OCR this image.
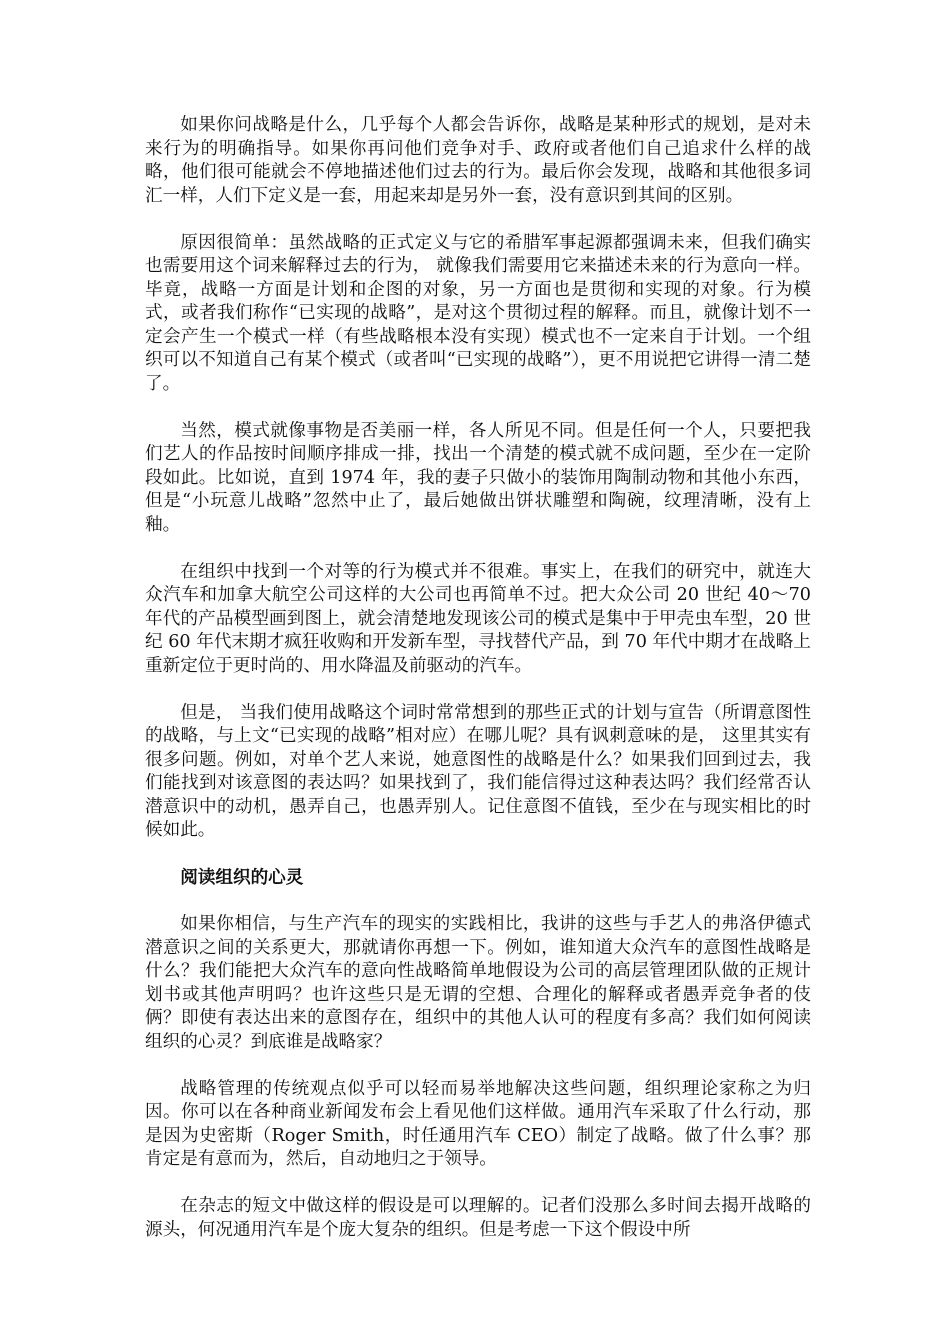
如果你问战略是什么，几乎每个人都会告诉你，战略是某种形式的规划，是对未来行为的明确指导。如果你再问他们竞争对手、政府或者他们自己追求什么样的战略，他们很可能就会不停地描述他们过去的行为。最后你会发现，战略和其他很多词汇一样，人们下定义是一套，用起来却是另外一套，没有意识到其间的区别。

原因很简单：虽然战略的正式定义与它的希腊军事起源都强调未来，但我们确实也需要用这个词来解释过去的行为， 就像我们需要用它来描述未来的行为意向一样。毕竟，战略一方面是计划和企图的对象，另一方面也是贯彻和实现的对象。行为模式，或者我们称作“已实现的战略”，是对这个贯彻过程的解释。而且，就像计划不一定会产生一个模式一样（有些战略根本没有实现）模式也不一定来自于计划。一个组织可以不知道自己有某个模式（或者叫“已实现的战略”），更不用说把它讲得一清二楚了。

当然，模式就像事物是否美丽一样，各人所见不同。但是任何一个人，只要把我们艺人的作品按时间顺序排成一排，找出一个清楚的模式就不成问题，至少在一定阶段如此。比如说，直到 1974 年，我的妻子只做小的装饰用陶制动物和其他小东西，但是“小玩意儿战略”忽然中止了，最后她做出饼状雕塑和陶碗，纹理清晰，没有上釉。

在组织中找到一个对等的行为模式并不很难。事实上，在我们的研究中，就连大众汽车和加拿大航空公司这样的大公司也再简单不过。把大众公司 20 世纪 40～70 年代的产品模型画到图上，就会清楚地发现该公司的模式是集中于甲壳虫车型，20 世纪 60 年代末期才疯狂收购和开发新车型，寻找替代产品，到 70 年代中期才在战略上重新定位于更时尚的、用水降温及前驱动的汽车。

但是， 当我们使用战略这个词时常常想到的那些正式的计划与宣告（所谓意图性的战略，与上文“已实现的战略”相对应）在哪儿呢？具有讽刺意味的是， 这里其实有很多问题。例如，对单个艺人来说，她意图性的战略是什么？如果我们回到过去，我们能找到对该意图的表达吗？如果找到了，我们能信得过这种表达吗？我们经常否认潜意识中的动机，愚弄自己，也愚弄别人。记住意图不值钱，至少在与现实相比的时候如此。

阅读组织的心灵

如果你相信，与生产汽车的现实的实践相比，我讲的这些与手艺人的弗洛伊德式潜意识之间的关系更大，那就请你再想一下。例如，谁知道大众汽车的意图性战略是什么？我们能把大众汽车的意向性战略简单地假设为公司的高层管理团队做的正规计划书或其他声明吗？也许这些只是无谓的空想、合理化的解释或者愚弄竞争者的伎俩？即使有表达出来的意图存在，组织中的其他人认可的程度有多高？我们如何阅读组织的心灵？到底谁是战略家？

战略管理的传统观点似乎可以轻而易举地解决这些问题，组织理论家称之为归因。你可以在各种商业新闻发布会上看见他们这样做。通用汽车采取了什么行动，那是因为史密斯（Roger Smith，时任通用汽车 CEO）制定了战略。做了什么事？那肯定是有意而为，然后，自动地归之于领导。

在杂志的短文中做这样的假设是可以理解的。记者们没那么多时间去揭开战略的源头，何况通用汽车是个庞大复杂的组织。但是考虑一下这个假设中所
